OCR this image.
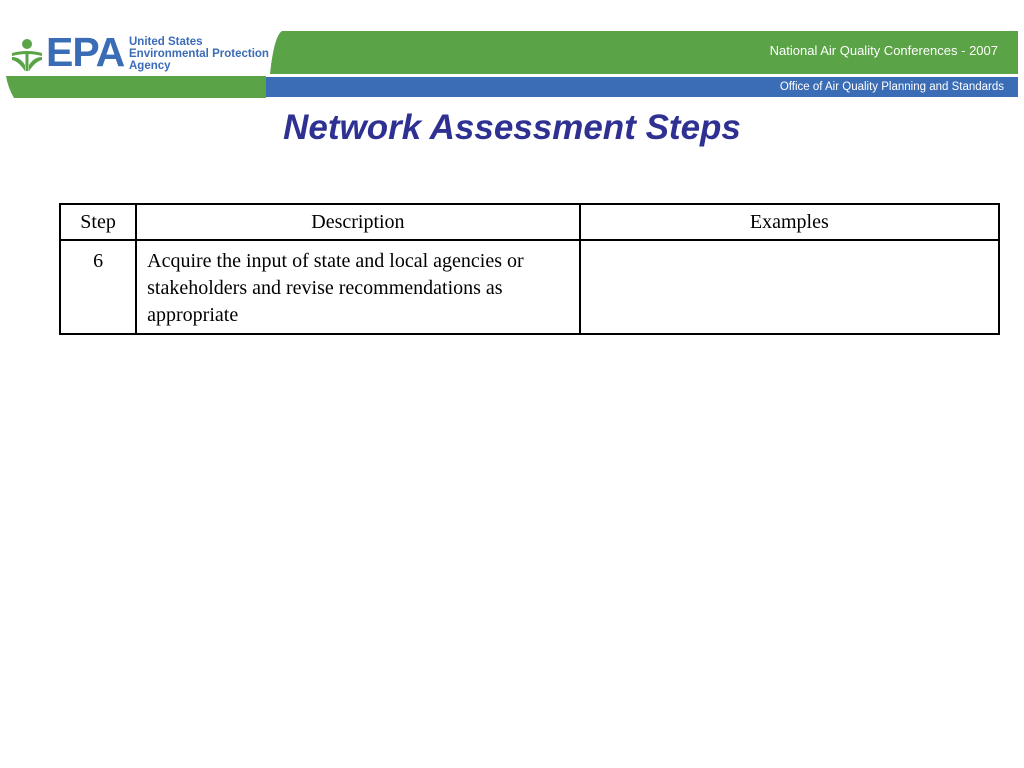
EPA United States
Environmental Protection
Agency
National Air Quality Conferences - 2007
Office of Air Quality Planning and Standards
Network Assessment Steps
Step	Description	Examples
6	Acquire the input of state and local agencies or stakeholders and revise recommendations as appropriate	
